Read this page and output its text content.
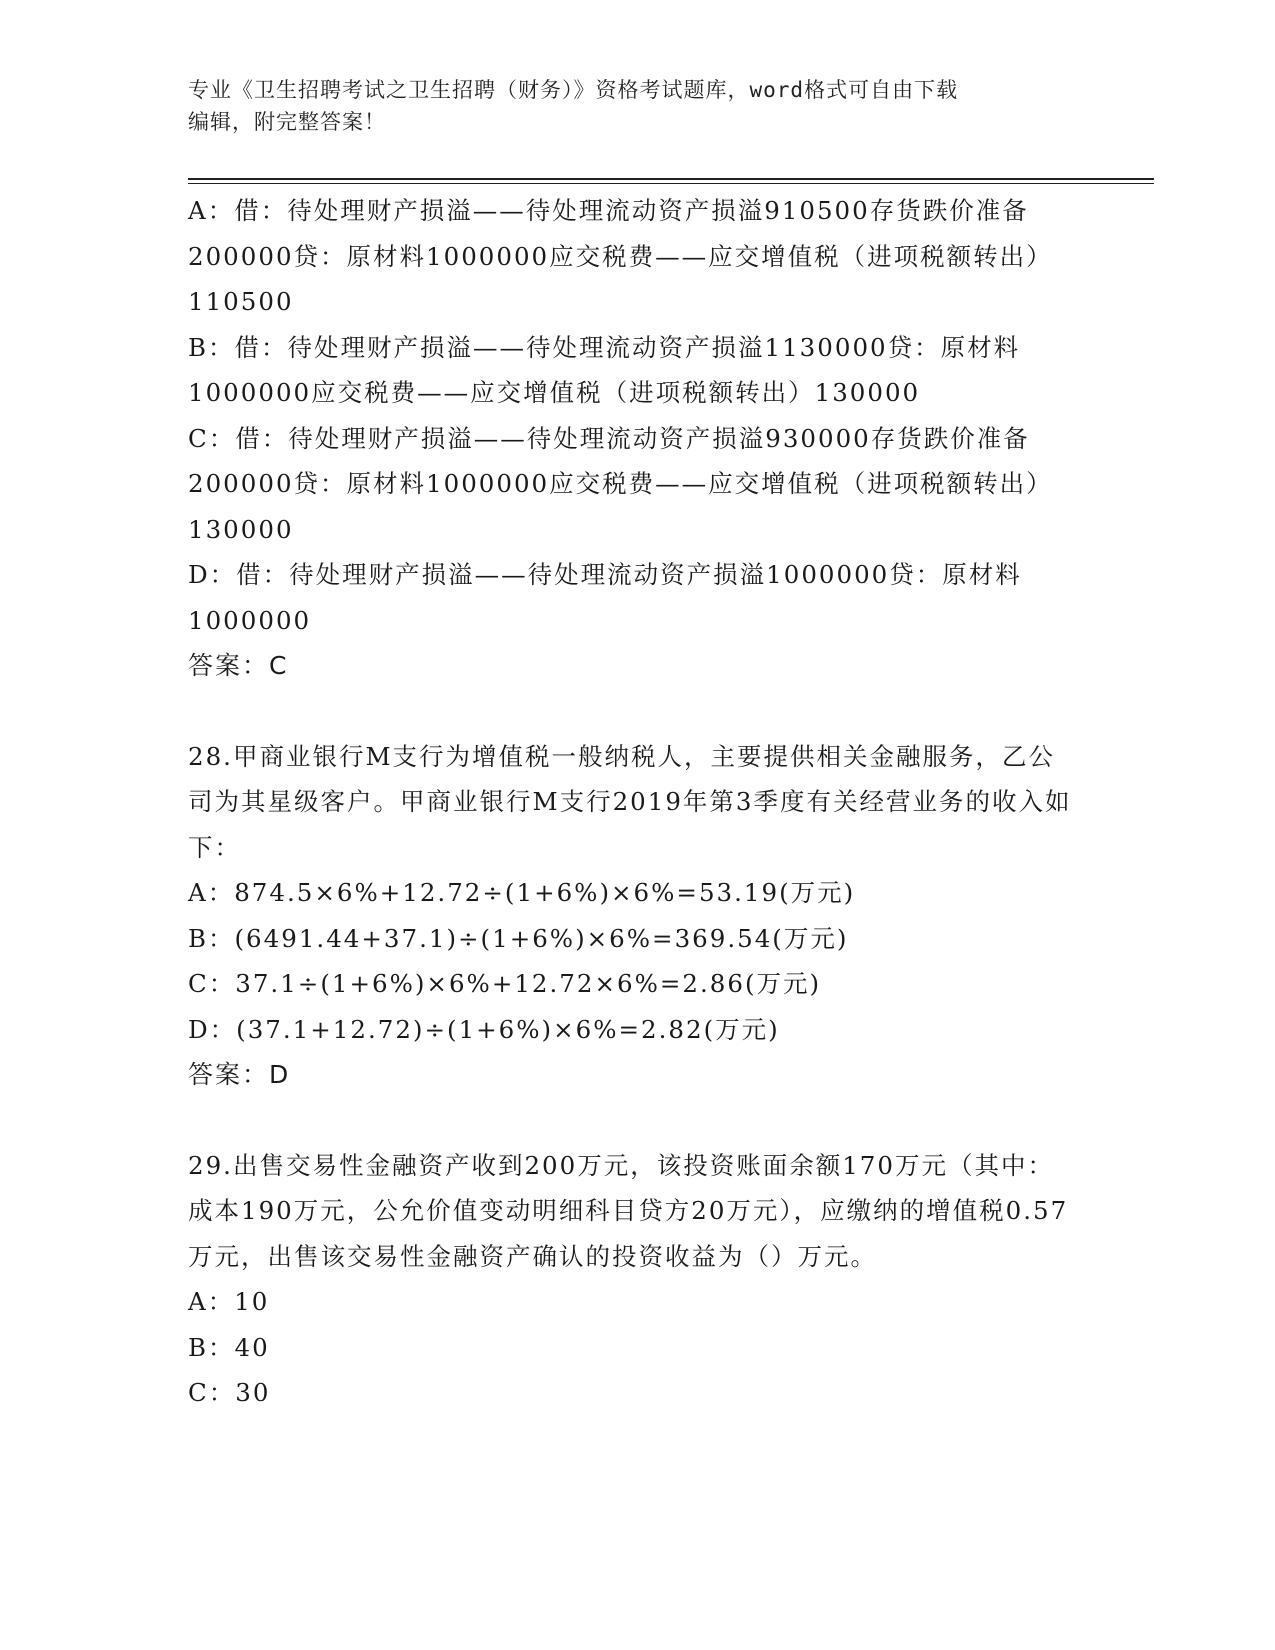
专业《卫生招聘考试之卫生招聘（财务）》资格考试题库，word格式可自由下载
编辑，附完整答案！

A：借：待处理财产损溢——待处理流动资产损溢910500存货跌价准备200000贷：原材料1000000应交税费——应交增值税（进项税额转出）110500

B：借：待处理财产损溢——待处理流动资产损溢1130000贷：原材料1000000应交税费——应交增值税（进项税额转出）130000

C：借：待处理财产损溢——待处理流动资产损溢930000存货跌价准备200000贷：原材料1000000应交税费——应交增值税（进项税额转出）130000

D：借：待处理财产损溢——待处理流动资产损溢1000000贷：原材料1000000

答案：C

28.甲商业银行M支行为增值税一般纳税人，主要提供相关金融服务，乙公司为其星级客户。甲商业银行M支行2019年第3季度有关经营业务的收入如下：

A：874.5×6%+12.72÷(1+6%)×6%=53.19(万元)

B：(6491.44+37.1)÷(1+6%)×6%=369.54(万元)

C：37.1÷(1+6%)×6%+12.72×6%=2.86(万元)

D：(37.1+12.72)÷(1+6%)×6%=2.82(万元)

答案：D

29.出售交易性金融资产收到200万元，该投资账面余额170万元（其中：成本190万元，公允价值变动明细科目贷方20万元），应缴纳的增值税0.57万元，出售该交易性金融资产确认的投资收益为（）万元。

A：10

B：40

C：30
